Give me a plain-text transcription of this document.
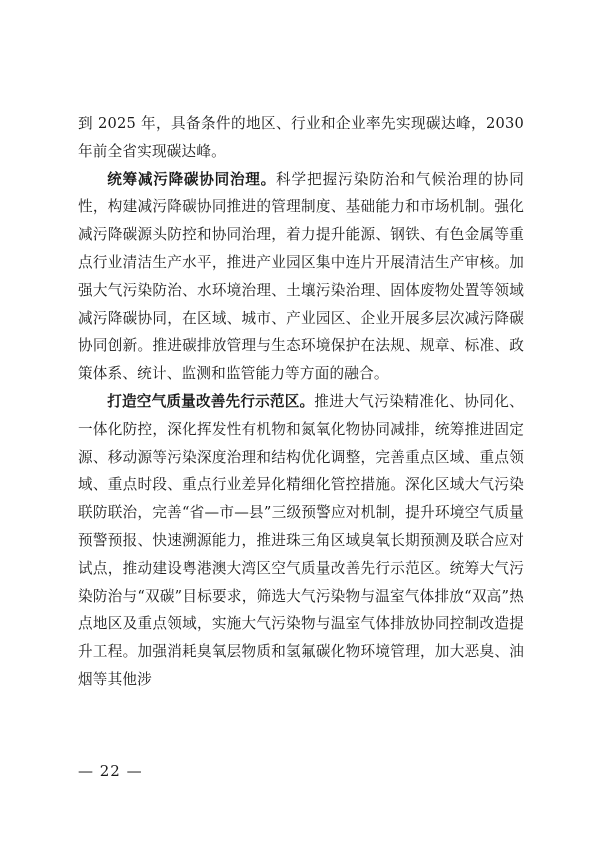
到 2025 年，具备条件的地区、行业和企业率先实现碳达峰，2030 年前全省实现碳达峰。

统筹减污降碳协同治理。科学把握污染防治和气候治理的协同性，构建减污降碳协同推进的管理制度、基础能力和市场机制。强化减污降碳源头防控和协同治理，着力提升能源、钢铁、有色金属等重点行业清洁生产水平，推进产业园区集中连片开展清洁生产审核。加强大气污染防治、水环境治理、土壤污染治理、固体废物处置等领域减污降碳协同，在区域、城市、产业园区、企业开展多层次减污降碳协同创新。推进碳排放管理与生态环境保护在法规、规章、标准、政策体系、统计、监测和监管能力等方面的融合。

打造空气质量改善先行示范区。推进大气污染精准化、协同化、一体化防控，深化挥发性有机物和氮氧化物协同减排，统筹推进固定源、移动源等污染深度治理和结构优化调整，完善重点区域、重点领域、重点时段、重点行业差异化精细化管控措施。深化区域大气污染联防联治，完善“省—市—县”三级预警应对机制，提升环境空气质量预警预报、快速溯源能力，推进珠三角区域臭氧长期预测及联合应对试点，推动建设粤港澳大湾区空气质量改善先行示范区。统筹大气污染防治与“双碳”目标要求，筛选大气污染物与温室气体排放“双高”热点地区及重点领域，实施大气污染物与温室气体排放协同控制改造提升工程。加强消耗臭氧层物质和氢氟碳化物环境管理，加大恶臭、油烟等其他涉

— 22 —
